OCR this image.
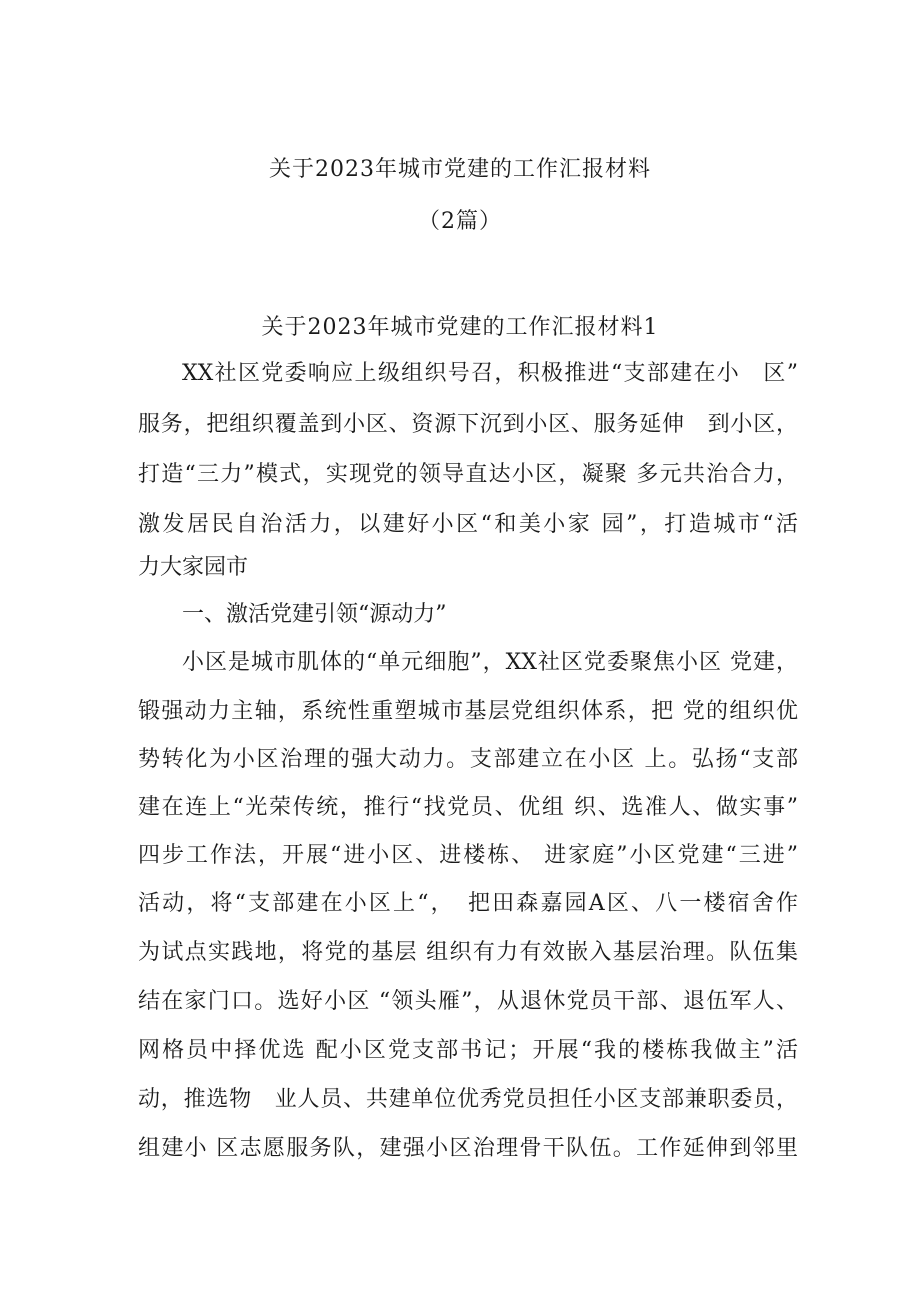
关于2023年城市党建的工作汇报材料
（2篇）
关于2023年城市党建的工作汇报材料1
XX社区党委响应上级组织号召，积极推进“支部建在小　区”
服务，把组织覆盖到小区、资源下沉到小区、服务延伸　到小区，
打造“三力”模式，实现党的领导直达小区，凝聚 多元共治合力，
激发居民自治活力，以建好小区“和美小家 园”，打造城市“活
力大家园市
一、激活党建引领“源动力”
小区是城市肌体的“单元细胞”，XX社区党委聚焦小区 党建，
锻强动力主轴，系统性重塑城市基层党组织体系，把 党的组织优
势转化为小区治理的强大动力。支部建立在小区 上。弘扬“支部
建在连上“光荣传统，推行“找党员、优组 织、选准人、做实事”
四步工作法，开展“进小区、进楼栋、 进家庭”小区党建“三进”
活动，将“支部建在小区上“，　把田森嘉园A区、八一楼宿舍作
为试点实践地，将党的基层 组织有力有效嵌入基层治理。队伍集
结在家门口。选好小区 “领头雁”，从退休党员干部、退伍军人、
网格员中择优选 配小区党支部书记；开展“我的楼栋我做主”活
动，推选物　业人员、共建单位优秀党员担任小区支部兼职委员，
组建小 区志愿服务队，建强小区治理骨干队伍。工作延伸到邻里
